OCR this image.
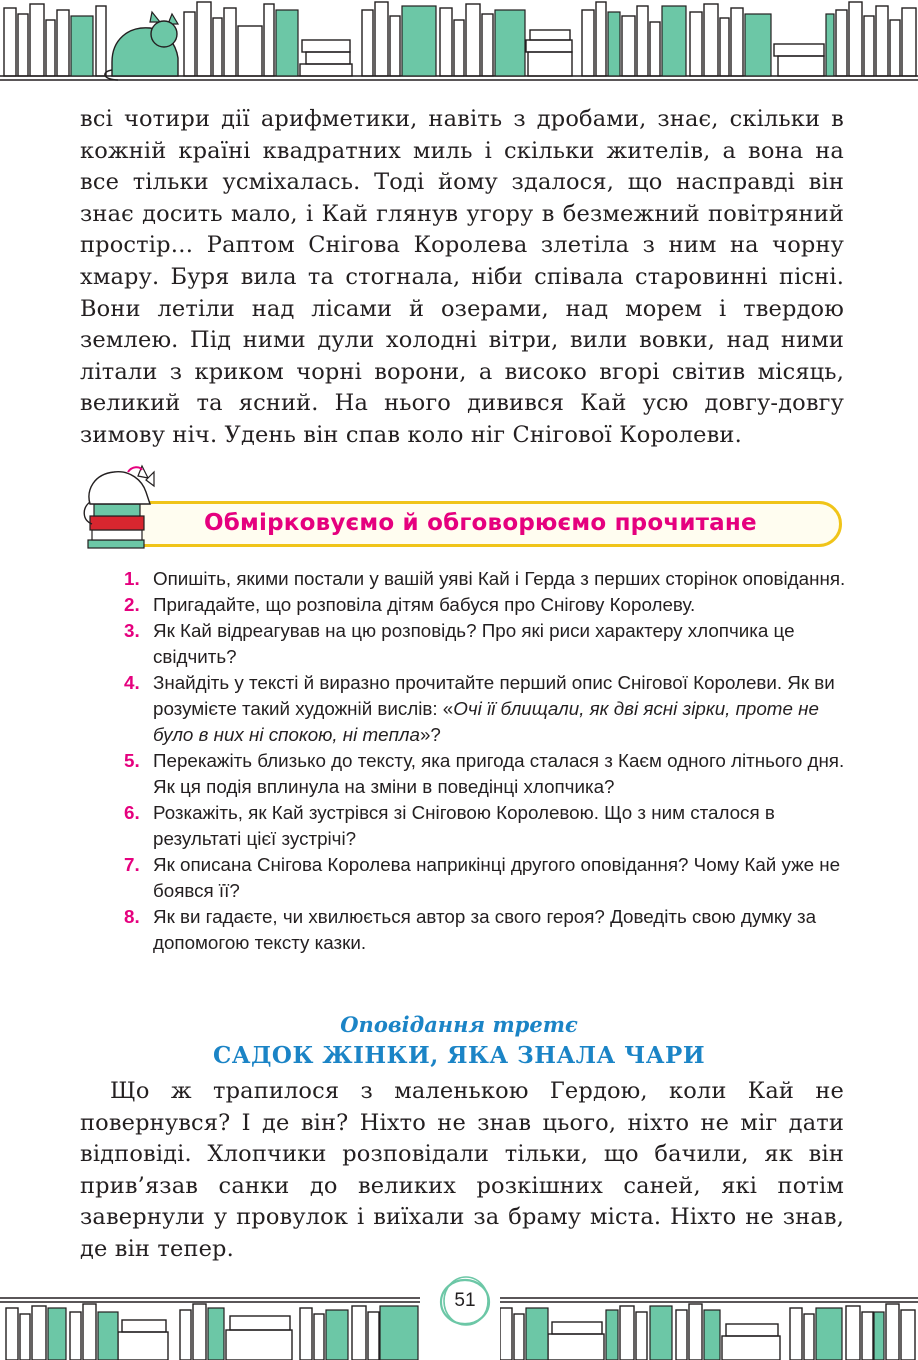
всі чотири дії арифметики, навіть з дробами, знає, скільки в кожній країні квадратних миль і скільки жителів, а вона на все тільки усміхалась. Тоді йому здалося, що насправді він знає досить мало, і Кай глянув угору в безмежний повітряний простір… Раптом Снігова Королева злетіла з ним на чорну хмару. Буря вила та стогнала, ніби співала старовинні пісні. Вони летіли над лісами й озерами, над морем і твердою землею. Під ними дули холодні вітри, вили вовки, над ними літали з криком чорні ворони, а високо вгорі світив місяць, великий та ясний. На нього дивився Кай усю довгу-довгу зимову ніч. Удень він спав коло ніг Снігової Королеви.

Обмірковуємо й обговорюємо прочитане
1. Опишіть, якими постали у вашій уяві Кай і Герда з перших сторінок оповідання.
2. Пригадайте, що розповіла дітям бабуся про Снігову Королеву.
3. Як Кай відреагував на цю розповідь? Про які риси характеру хлопчика це свідчить?
4. Знайдіть у тексті й виразно прочитайте перший опис Снігової Королеви. Як ви розумієте такий художній вислів: «Очі її блищали, як дві ясні зірки, проте не було в них ні спокою, ні тепла»?
5. Перекажіть близько до тексту, яка пригода сталася з Каєм одного літнього дня. Як ця подія вплинула на зміни в поведінці хлопчика?
6. Розкажіть, як Кай зустрівся зі Сніговою Королевою. Що з ним сталося в результаті цієї зустрічі?
7. Як описана Снігова Королева наприкінці другого оповідання? Чому Кай уже не боявся її?
8. Як ви гадаєте, чи хвилюється автор за свого героя? Доведіть свою думку за допомогою тексту казки.
Оповідання третє
САДОК ЖІНКИ, ЯКА ЗНАЛА ЧАРИ

Що ж трапилося з маленькою Гердою, коли Кай не повернувся? І де він? Ніхто не знав цього, ніхто не міг дати відповіді. Хлопчики розповідали тільки, що бачили, як він прив’язав санки до великих розкішних саней, які потім завернули у провулок і виїхали за браму міста. Ніхто не знав, де він тепер.

51
